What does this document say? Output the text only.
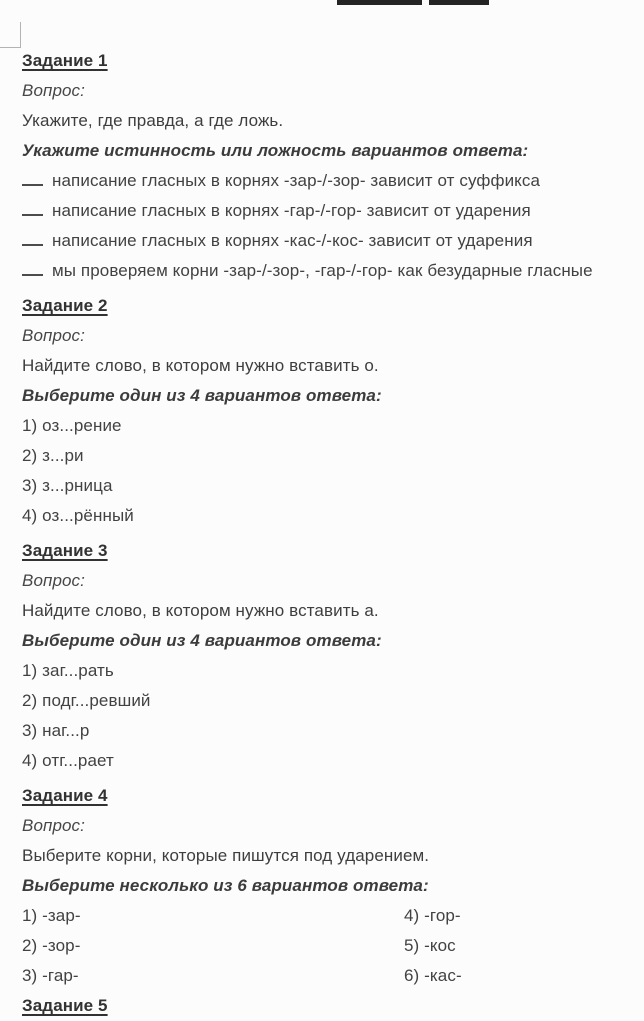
Задание 1
Вопрос:
Укажите, где правда, а где ложь.
Укажите истинность или ложность вариантов ответа:
написание гласных в корнях -зар-/-зор- зависит от суффикса
написание гласных в корнях -гар-/-гор- зависит от ударения
написание гласных в корнях -кас-/-кос- зависит от ударения
мы проверяем корни -зар-/-зор-, -гар-/-гор- как безударные гласные
Задание 2
Вопрос:
Найдите слово, в котором нужно вставить о.
Выберите один из 4 вариантов ответа:
1) оз...рение
2) з...ри
3) з...рница
4) оз...рённый
Задание 3
Вопрос:
Найдите слово, в котором нужно вставить а.
Выберите один из 4 вариантов ответа:
1) заг...рать
2) подг...ревший
3) наг...р
4) отг...рает
Задание 4
Вопрос:
Выберите корни, которые пишутся под ударением.
Выберите несколько из 6 вариантов ответа:
1) -зар-	4) -гор-
2) -зор-	5) -кос
3) -гар-	6) -кас-
Задание 5
